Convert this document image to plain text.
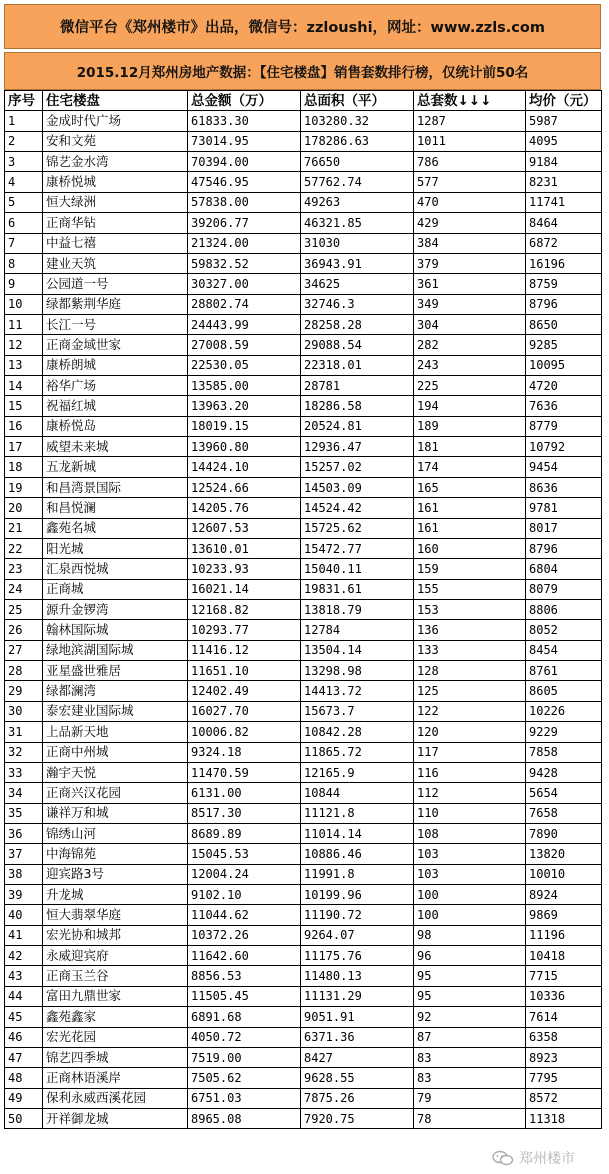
微信平台《郑州楼市》出品，微信号：zzloushi，网址：www.zzls.com
2015.12月郑州房地产数据：【住宅楼盘】销售套数排行榜，仅统计前50名
序号	住宅楼盘	总金额（万）	总面积（平）	总套数↓↓↓	均价（元）
1	金成时代广场	61833.30	103280.32	1287	5987
2	安和文苑	73014.95	178286.63	1011	4095
3	锦艺金水湾	70394.00	76650	786	9184
4	康桥悦城	47546.95	57762.74	577	8231
5	恒大绿洲	57838.00	49263	470	11741
6	正商华钻	39206.77	46321.85	429	8464
7	中益七禧	21324.00	31030	384	6872
8	建业天筑	59832.52	36943.91	379	16196
9	公园道一号	30327.00	34625	361	8759
10	绿都紫荆华庭	28802.74	32746.3	349	8796
11	长江一号	24443.99	28258.28	304	8650
12	正商金域世家	27008.59	29088.54	282	9285
13	康桥朗城	22530.05	22318.01	243	10095
14	裕华广场	13585.00	28781	225	4720
15	祝福红城	13963.20	18286.58	194	7636
16	康桥悦岛	18019.15	20524.81	189	8779
17	威望未来城	13960.80	12936.47	181	10792
18	五龙新城	14424.10	15257.02	174	9454
19	和昌湾景国际	12524.66	14503.09	165	8636
20	和昌悦澜	14205.76	14524.42	161	9781
21	鑫苑名城	12607.53	15725.62	161	8017
22	阳光城	13610.01	15472.77	160	8796
23	汇泉西悦城	10233.93	15040.11	159	6804
24	正商城	16021.14	19831.61	155	8079
25	源升金锣湾	12168.82	13818.79	153	8806
26	翰林国际城	10293.77	12784	136	8052
27	绿地滨湖国际城	11416.12	13504.14	133	8454
28	亚星盛世雅居	11651.10	13298.98	128	8761
29	绿都澜湾	12402.49	14413.72	125	8605
30	泰宏建业国际城	16027.70	15673.7	122	10226
31	上品新天地	10006.82	10842.28	120	9229
32	正商中州城	9324.18	11865.72	117	7858
33	瀚宇天悦	11470.59	12165.9	116	9428
34	正商兴汉花园	6131.00	10844	112	5654
35	谦祥万和城	8517.30	11121.8	110	7658
36	锦绣山河	8689.89	11014.14	108	7890
37	中海锦苑	15045.53	10886.46	103	13820
38	迎宾路3号	12004.24	11991.8	103	10010
39	升龙城	9102.10	10199.96	100	8924
40	恒大翡翠华庭	11044.62	11190.72	100	9869
41	宏光协和城邦	10372.26	9264.07	98	11196
42	永威迎宾府	11642.60	11175.76	96	10418
43	正商玉兰谷	8856.53	11480.13	95	7715
44	富田九鼎世家	11505.45	11131.29	95	10336
45	鑫苑鑫家	6891.68	9051.91	92	7614
46	宏光花园	4050.72	6371.36	87	6358
47	锦艺四季城	7519.00	8427	83	8923
48	正商林语溪岸	7505.62	9628.55	83	7795
49	保利永威西溪花园	6751.03	7875.26	79	8572
50	开祥御龙城	8965.08	7920.75	78	11318
郑州楼市
